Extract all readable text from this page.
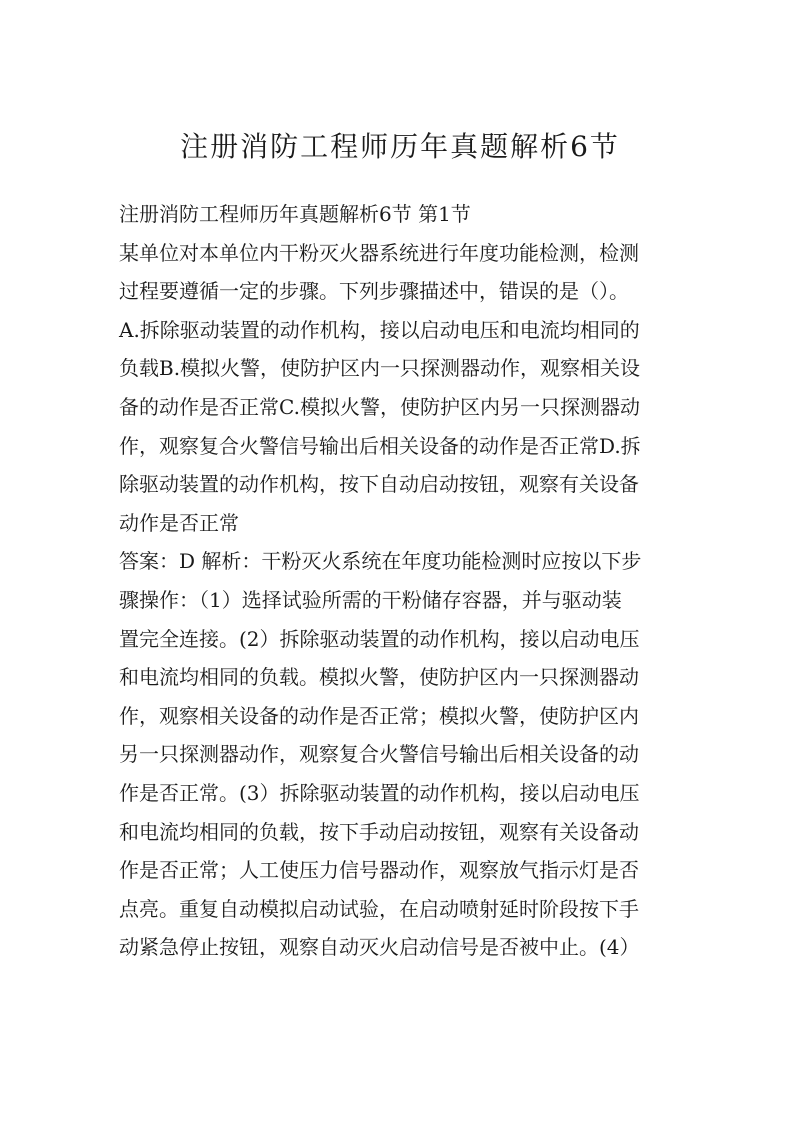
注册消防工程师历年真题解析6节
注册消防工程师历年真题解析6节 第1节
某单位对本单位内干粉灭火器系统进行年度功能检测，检测
过程要遵循一定的步骤。下列步骤描述中，错误的是（）。
A.拆除驱动装置的动作机构，接以启动电压和电流均相同的
负载B.模拟火警，使防护区内一只探测器动作，观察相关设
备的动作是否正常C.模拟火警，使防护区内另一只探测器动
作，观察复合火警信号输出后相关设备的动作是否正常D.拆
除驱动装置的动作机构，按下自动启动按钮，观察有关设备
动作是否正常
答案：D 解析：干粉灭火系统在年度功能检测时应按以下步
骤操作：（1）选择试验所需的干粉储存容器，并与驱动装
置完全连接。(2）拆除驱动装置的动作机构，接以启动电压
和电流均相同的负载。模拟火警，使防护区内一只探测器动
作，观察相关设备的动作是否正常；模拟火警，使防护区内
另一只探测器动作，观察复合火警信号输出后相关设备的动
作是否正常。(3）拆除驱动装置的动作机构，接以启动电压
和电流均相同的负载，按下手动启动按钮，观察有关设备动
作是否正常；人工使压力信号器动作，观察放气指示灯是否
点亮。重复自动模拟启动试验，在启动喷射延时阶段按下手
动紧急停止按钮，观察自动灭火启动信号是否被中止。(4）
